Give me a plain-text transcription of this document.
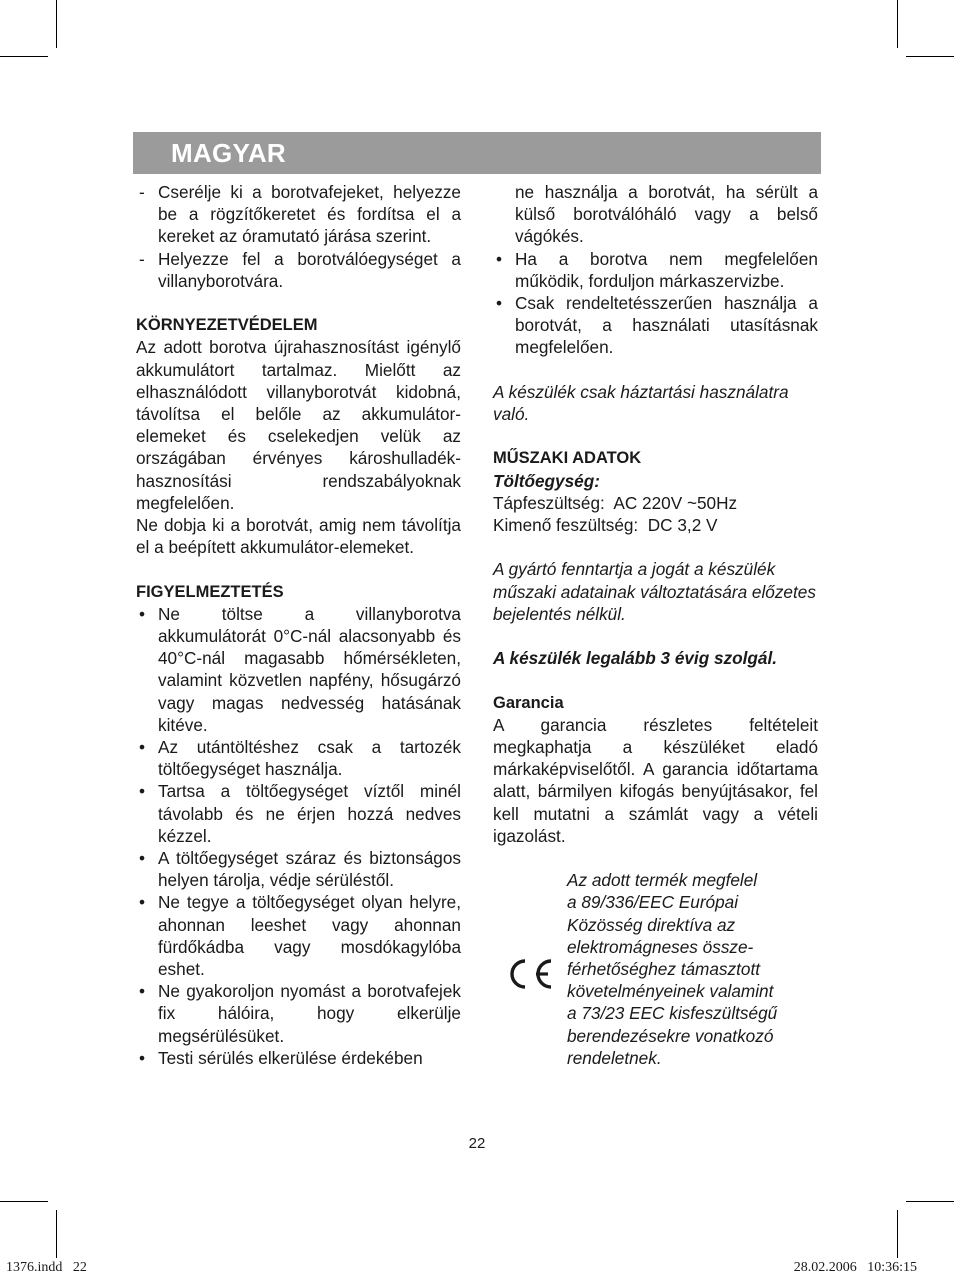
MAGYAR
- Cserélje ki a borotvafejeket, helyezze be a rögzítőkeretet és fordítsa el a kereket az óramutató járása szerint.
- Helyezze fel a borotválóegységet a villanyborotvára.

KÖRNYEZETVÉDELEM

Az adott borotva újrahasznosítást igénylő akkumulátort tartalmaz. Mielőtt az elhasználódott villanyborotvát kidobná, távolítsa el belőle az akkumulátor-elemeket és cselekedjen velük az országában érvényes károshulladék-hasznosítási rendszabályoknak megfelelően.

Ne dobja ki a borotvát, amig nem távolítja el a beépített akkumulátor-elemeket.

FIGYELMEZTETÉS

• Ne töltse a villanyborotva akkumulátorát 0°C-nál alacsonyabb és 40°C-nál magasabb hőmérsékleten, valamint közvetlen napfény, hősugárzó vagy magas nedvesség hatásának kitéve.
• Az utántöltéshez csak a tartozék töltőegységet használja.
• Tartsa a töltőegységet víztől minél távolabb és ne érjen hozzá nedves kézzel.
• A töltőegységet száraz és biztonságos helyen tárolja, védje sérüléstől.
• Ne tegye a töltőegységet olyan helyre, ahonnan leeshet vagy ahonnan fürdőkádba vagy mosdókagylóba eshet.
• Ne gyakoroljon nyomást a borotvafejek fix hálóira, hogy elkerülje megsérülésüket.
• Testi sérülés elkerülése érdekében

ne használja a borotvát, ha sérült a külső borotválóháló vagy a belső vágókés.

• Ha a borotva nem megfelelően működik, forduljon márkaszervizbe.
• Csak rendeltetésszerűen használja a borotvát, a használati utasításnak megfelelően.

A készülék csak háztartási használatra való.

MŰSZAKI ADATOK

Töltőegység:

Tápfeszültség:  AC 220V ~50Hz

Kimenő feszültség:  DC 3,2 V

A gyártó fenntartja a jogát a készülék műszaki adatainak változtatására előzetes bejelentés nélkül.

A készülék legalább 3 évig szolgál.

Garancia

A garancia részletes feltételeit megkaphatja a készüléket eladó márkaképviselőtől. A garancia időtartama alatt, bármilyen kifogás benyújtásakor, fel kell mutatni a számlát vagy a vételi igazolást.

Az adott termék megfelel
a 89/336/EEC Európai
Közösség direktíva az
elektromágneses össze-
férhetőséghez támasztott
követelményeinek valamint
a 73/23 EEC kisfeszültségű
berendezésekre vonatkozó
rendeletnek.
22
1376.indd   22	28.02.2006   10:36:15
